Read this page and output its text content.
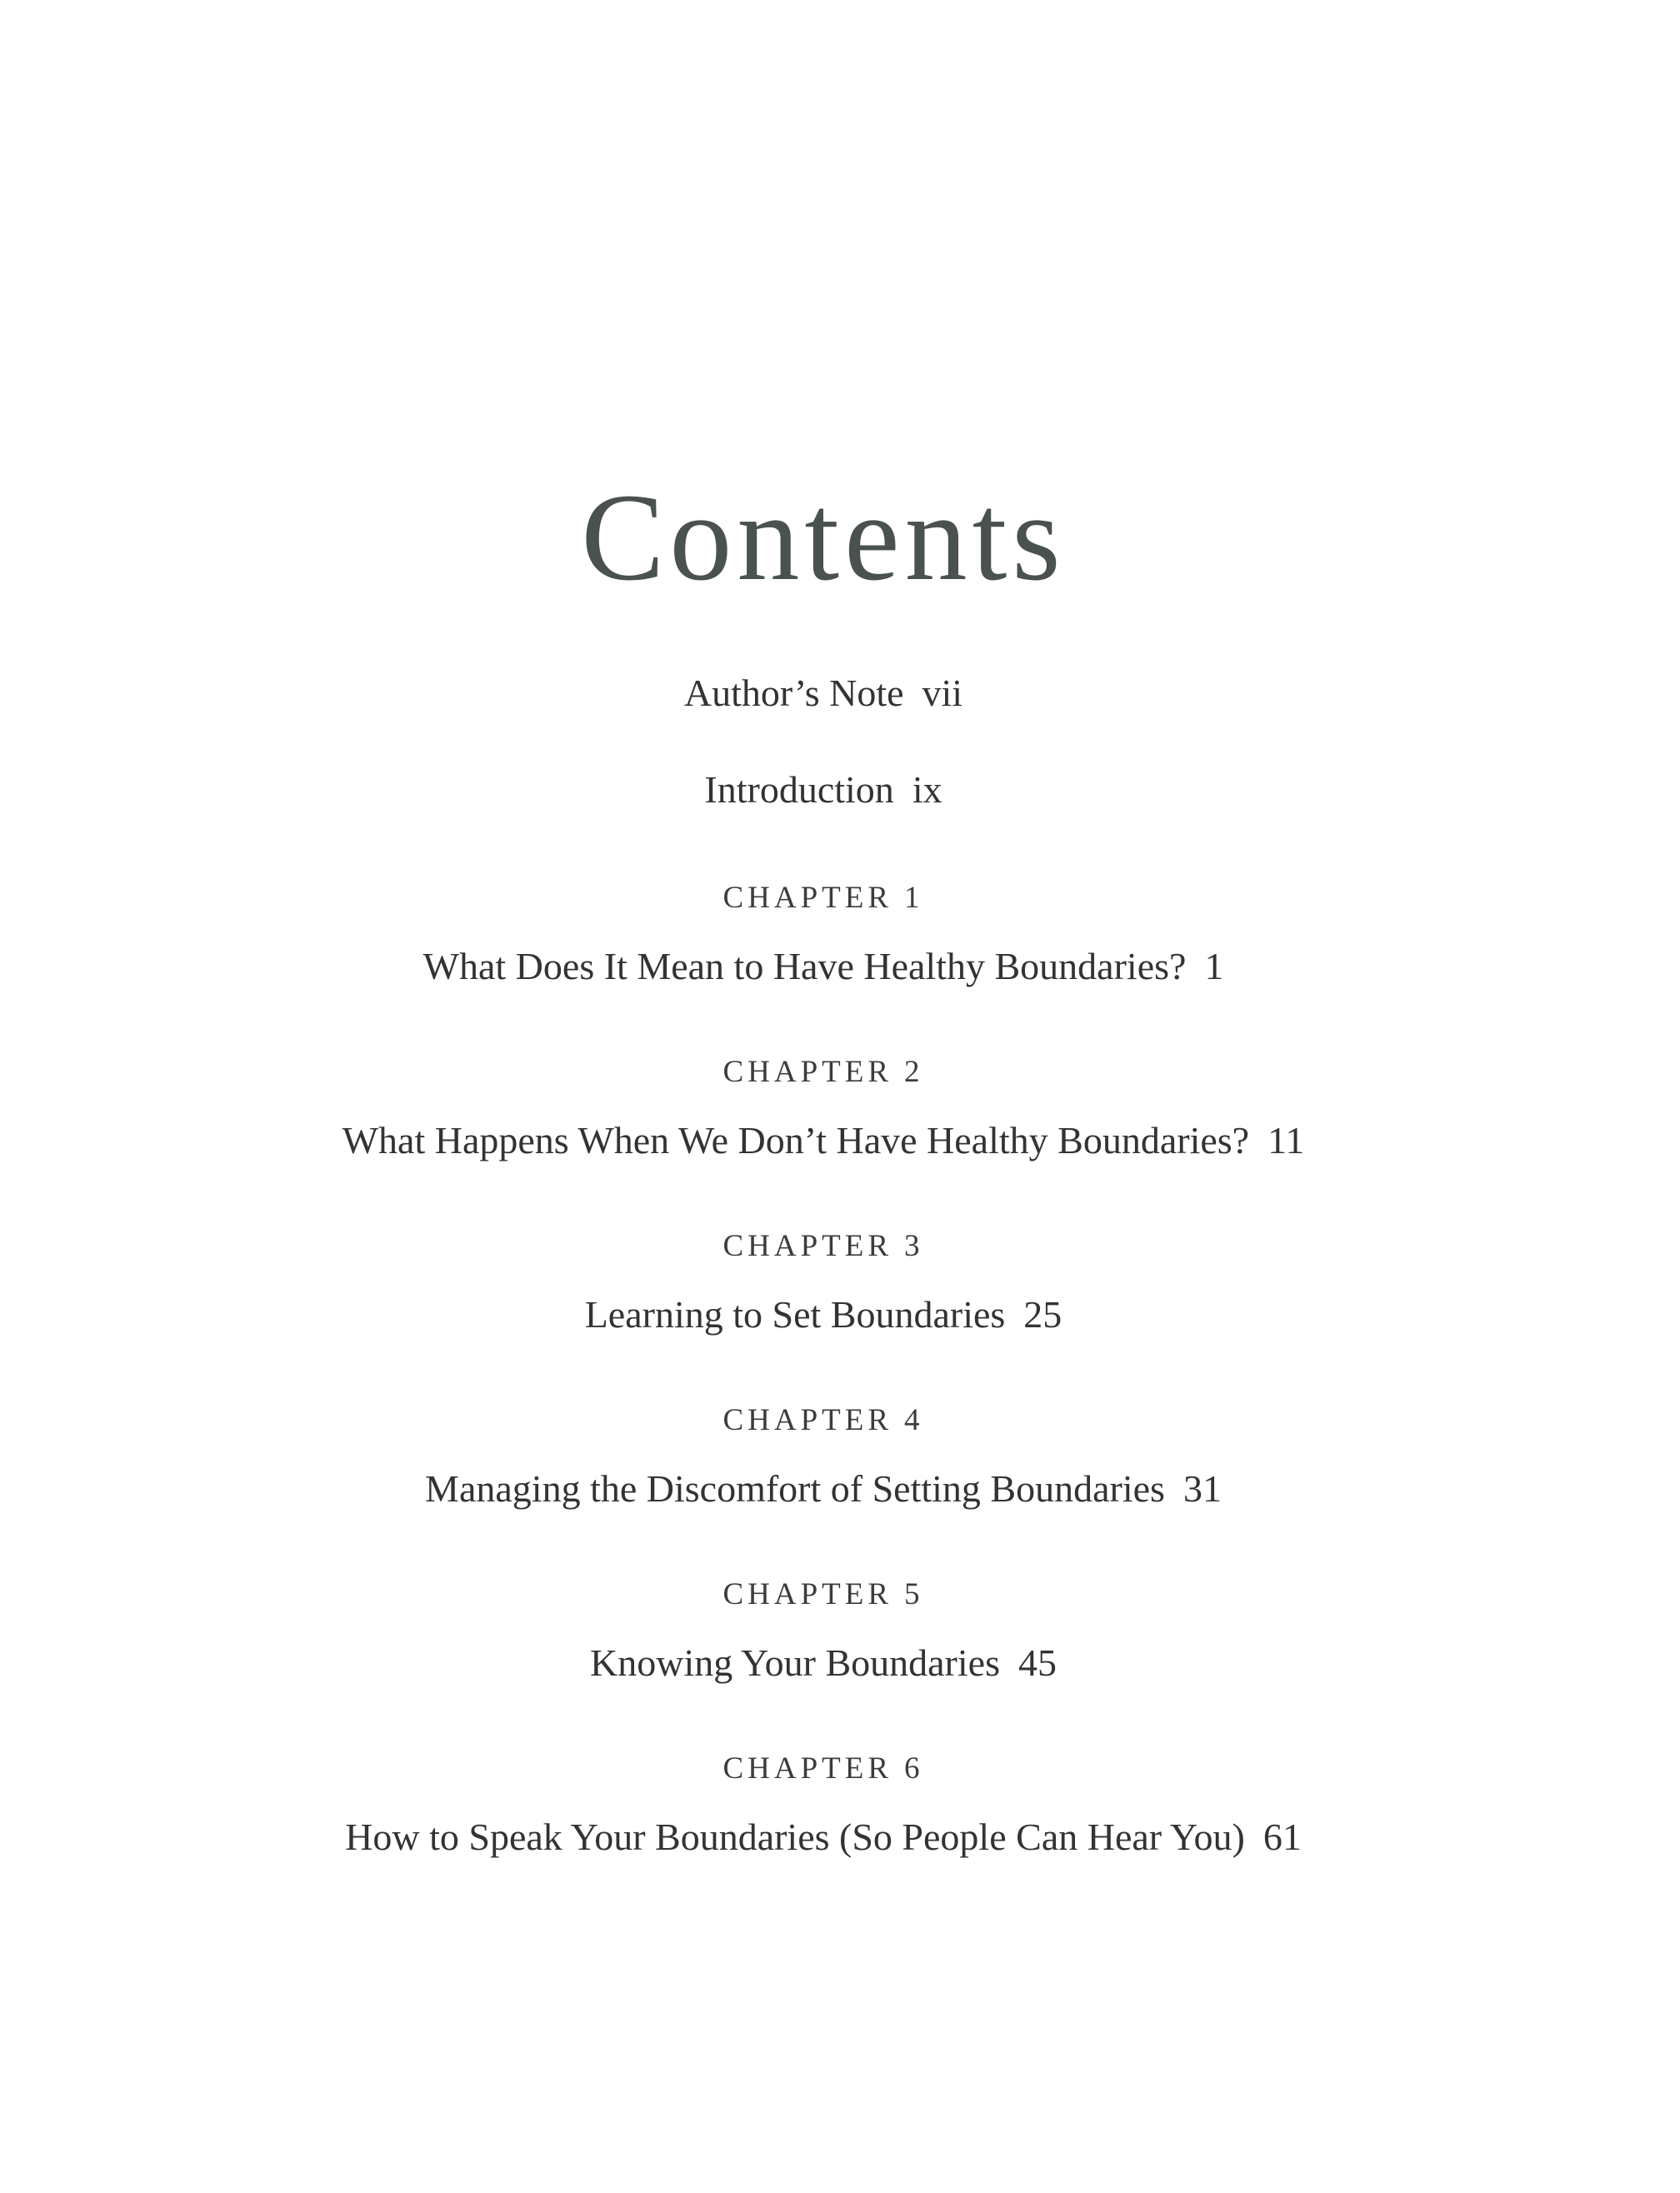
Contents
Author’s Note vii
Introduction ix
CHAPTER 1
What Does It Mean to Have Healthy Boundaries? 1
CHAPTER 2
What Happens When We Don’t Have Healthy Boundaries? 11
CHAPTER 3
Learning to Set Boundaries 25
CHAPTER 4
Managing the Discomfort of Setting Boundaries 31
CHAPTER 5
Knowing Your Boundaries 45
CHAPTER 6
How to Speak Your Boundaries (So People Can Hear You) 61
